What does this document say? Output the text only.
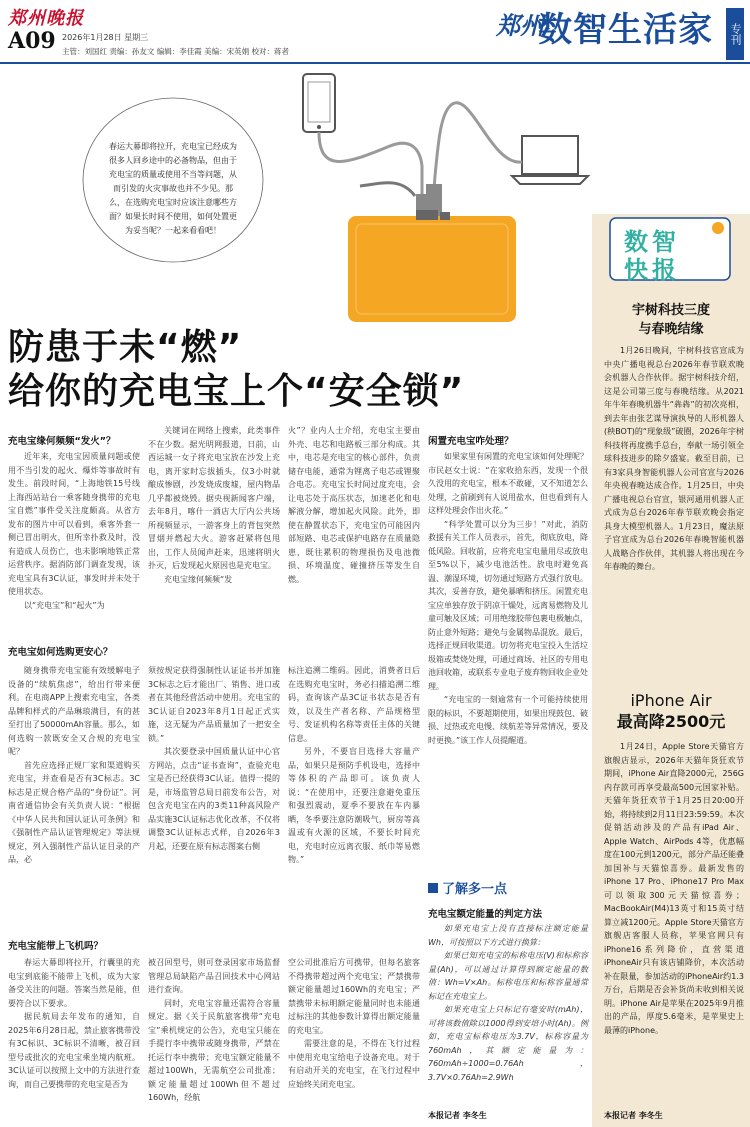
郑州晚报
A09 2026年1月28日 星期三
主管：刘国红 责编：孙友文 编辑：李佳霞 美编：宋英娟 校对：蒋者
郑州
数智生活家 专刊
春运大幕即将拉开，充电宝已经成为很多人回乡途中的必备物品，但由于充电宝的质量或使用不当等问题，从而引发的火灾事故也并不少见。那么，在选购充电宝时应该注意哪些方面？如果长时间不使用，如何处置更为妥当呢？一起来看看吧！
防患于未“燃”
给你的充电宝上个“安全锁”
充电宝缘何频频“发火”？

近年来，充电宝因质量问题或使用不当引发的起火、爆炸等事故时有发生。前段时间，“上海地铁15号线上海西站站台一乘客随身携带的充电宝自燃”事件受关注度颇高。从省方发布的图片中可以看到，乘客外套一侧已冒出明火，但所幸扑救及时，没有造成人员伤亡，也未影响地铁正常运营秩序。据消防部门调查发现，该充电宝具有3C认证，事发时并未处于使用状态。

以“充电宝”和“起火”为

关键词在网络上搜索，此类事件不在少数。据光明网报道，日前，山西运城一女子将充电宝放在沙发上充电，离开家时忘拔插头，仅3小时就酿成惨剧，沙发烧成废墟，屋内物品几乎都被烧毁。据央视新闻客户端，去年8月，喀什一酒店大厅内公共场所视频显示，一游客身上的背包突然冒烟并燃起大火。游客赶紧将包甩出，工作人员闻声赶来，迅速将明火扑灭，后发现起火原因也是充电宝。

充电宝缘何频频“发

火”？业内人士介绍，充电宝主要由外壳、电芯和电路板三部分构成。其中，电芯是充电宝的核心部件，负责储存电能，通常为锂离子电芯或锂聚合电芯。充电宝长时间过度充电，会让电芯处于高压状态，加速老化和电解液分解，增加起火风险。此外，即使在静置状态下，充电宝仍可能因内部短路、电芯或保护电路存在质量隐患，既往累积的物理损伤及电池微损、环境温度、碰撞挤压等发生自燃。

充电宝如何选购更安心？

随身携带充电宝能有效缓解电子设备的“续航焦虑”，给出行带来便利。在电商APP上搜索充电宝，各类品牌和样式的产品琳琅满目，有的甚至打出了50000mAh容量。那么，如何选购一款既安全又合规的充电宝呢？

首先应选择正规厂家和渠道购买充电宝，并查看是否有3C标志。3C标志是正规合格产品的“身份证”。河南省通信协会有关负责人说：“根据《中华人民共和国认证认可条例》和《强制性产品认证管理规定》等法规规定，列入强制性产品认证目录的产品，必

须按规定获得强制性认证证书并加施3C标志之后才能出厂、销售、进口或者在其他经营活动中使用。充电宝的3C认证自2023年8月1日起正式实施，这无疑为产品质量加了一把安全锁。”

其次要登录中国质量认证中心官方网站，点击“证书查询”，查验充电宝是否已经获得3C认证。值得一提的是，市场监管总局日前发布公告，对包含充电宝在内的3类11种高风险产品实施3C认证标志优化改革，不仅将调整3C认证标志式样，自2026年3月起，还要在原有标志图案右侧

标注追溯二维码。因此，消费者日后在选购充电宝时，务必扫描追溯二维码，查询该产品3C证书状态是否有效，以及生产者名称、产品规格型号、发证机构名称等责任主体的关键信息。

另外，不要盲目选择大容量产品，如果只是预防手机设电，选择中等体积的产品即可。该负责人说：“在使用中，还要注意避免重压和强烈震动，夏季不要放在车内暴晒，冬季要注意防潮吸气，厨房等高温或有火源的区域，不要长时间充电，充电时应远离衣服、纸巾等易燃物。”

充电宝能带上飞机吗？

春运大幕即将拉开，行囊里的充电宝到底能不能带上飞机，成为大家备受关注的问题。答案当然是能，但要符合以下要求。

据民航局去年发布的通知，自2025年6月28日起，禁止旅客携带没有3C标识、3C标识不清晰，被召回型号或批次的充电宝乘坐境内航班。3C认证可以按照上文中的方法进行查询，而自己要携带的充电宝是否为

被召回型号，则可登录国家市场监督管理总局缺陷产品召回技术中心网站进行查询。

同时，充电宝容量还需符合容量规定。据《关于民航旅客携带“充电宝”乘机规定的公告》，充电宝只能在手提行李中携带或随身携带，严禁在托运行李中携带；充电宝额定能量不超过100Wh，无需航空公司批准；额定能量超过100Wh但不超过160Wh，经航

空公司批准后方可携带，但每名旅客不得携带超过两个充电宝；严禁携带额定能量超过160Wh的充电宝；严禁携带未标明额定能量同时也未能通过标注的其他参数计算得出额定能量的充电宝。

需要注意的是，不得在飞行过程中使用充电宝给电子设备充电。对于有启动开关的充电宝，在飞行过程中应始终关闭充电宝。

闲置充电宝咋处理？

如果家里有闲置的充电宝该如何处理呢？市民赵女士说：“在家收拾东西，发现一个很久没用的充电宝，根本不敢碰，又不知道怎么处理，之前刷到有人说用盐水，但也看到有人这样处理会作出火花。”

“科学处置可以分为三步！”对此，消防救援有关工作人员表示，首先，彻底放电，降低风险。回收前，应将充电宝电量用尽或放电至5%以下，减少电池活性。放电时避免高温、潮湿环境，切勿通过短路方式强行放电。其次，妥善存放，避免暴晒和挤压。闲置充电宝应单独存放于阴凉干燥处，远离易燃物及儿童可触及区域；可用绝缘胶带包裹电极触点，防止意外短路；避免与金属物品混放。最后，选择正规回收渠道。切勿将充电宝投入生活垃圾箱或焚烧处理，可通过商场、社区的专用电池回收箱，或联系专业电子废弃物回收企业处理。

“充电宝的一刻逾常有一个可能持续使用限的标识，不要超期使用，如果出现鼓包、破损、过热或充电慢、续航差等异常情况，要及时更换。”该工作人员提醒道。

了解多一点
充电宝额定能量的判定方法
如果充电宝上没有直接标注额定能量Wh，可按照以下方式进行换算：
如果已知充电宝的标称电压(V)和标称容量(Ah)，可以通过计算得到额定能量的数值：Wh=V×Ah。标称电压和标称容量通常标记在充电宝上。
如果充电宝上只标记有毫安时(mAh)，可将该数值除以1000得到安培小时(Ah)。例如，充电宝标称电压为3.7V，标称容量为760mAh，其额定能量为：760mAh÷1000=0.76Ah，3.7V×0.76Ah=2.9Wh
本报记者 李冬生
数智
快报
宇树科技三度
与春晚结缘
1月26日晚间，宇树科技官宣成为中央广播电视总台2026年春节联欢晚会机器人合作伙伴。据宇树科技介绍，这是公司第三度与春晚结缘。从2021年牛年春晚机器牛“犇犇”的初次亮相，到去年由张艺谋导演执导的人形机器人(秧BOT)的“现象级”破圈，2026年宇树科技将再度携手总台，奉献一场引领全球科技进步的除夕盛宴。截至目前，已有3家具身智能机器人公司官宣与2026年央视春晚达成合作。1月25日，中央广播电视总台官宣，银河通用机器人正式成为总台2026年春节联欢晚会指定具身大模型机器人。1月23日，魔法原子官宣成为总台2026年春晚智能机器人战略合作伙伴，其机器人将出现在今年春晚的舞台。
iPhone Air
最高降2500元
1月24日，Apple Store天猫官方旗舰店显示，2026年天猫年货狂欢节期间，iPhone Air直降2000元，256G内存款可再享受最高500元国家补贴。天猫年货狂欢节于1月25日20:00开始，将持续到2月11日23:59:59。本次促销活动涉及的产品有iPad Air、Apple Watch、AirPods 4等，优惠幅度在100元到1200元，部分产品还能叠加国补与天猫惊喜券。最新发售的iPhone 17 Pro、iPhone17 Pro Max可以领取300元天猫惊喜券；MacBookAir(M4)13英寸和15英寸结算立减1200元。Apple Store天猫官方旗舰店客服人员称，苹果官网只有iPhone16系列降价，直营渠道iPhoneAir只有该店铺降价，本次活动补在限量，参加活动的iPhoneAir约1.3万台，后期是否会补货尚未收到相关说明。iPhone Air是苹果在2025年9月推出的产品，厚度5.6毫米，是苹果史上最薄的iPhone。
本报记者 李冬生
